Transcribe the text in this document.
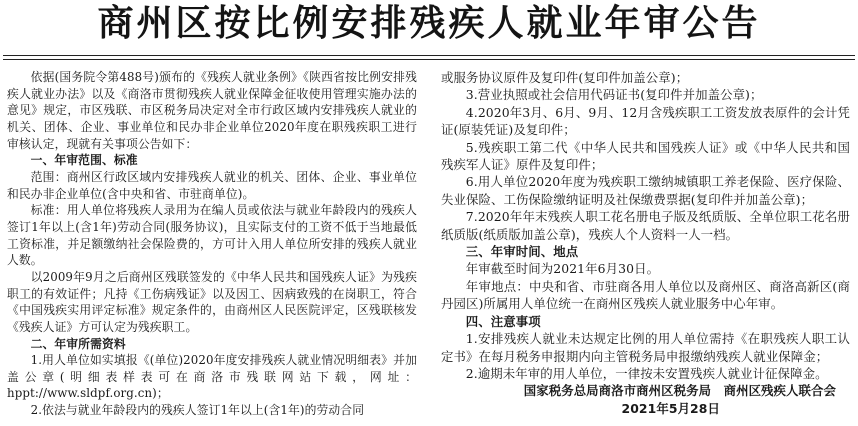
商州区按比例安排残疾人就业年审公告

依据(国务院令第488号)颁布的《残疾人就业条例》《陕西省按比例安排残疾人就业办法》以及《商洛市贯彻残疾人就业保障金征收使用管理实施办法的意见》规定，市区残联、市区税务局决定对全市行政区域内安排残疾人就业的机关、团体、企业、事业单位和民办非企业单位2020年度在职残疾职工进行审核认定，现就有关事项公告如下：

一、年审范围、标准

范围：商州区行政区域内安排残疾人就业的机关、团体、企业、事业单位和民办非企业单位(含中央和省、市驻商单位)。

标准：用人单位将残疾人录用为在编人员或依法与就业年龄段内的残疾人签订1年以上(含1年)劳动合同(服务协议)，且实际支付的工资不低于当地最低工资标准，并足额缴纳社会保险费的，方可计入用人单位所安排的残疾人就业人数。

以2009年9月之后商州区残联签发的《中华人民共和国残疾人证》为残疾职工的有效证件；凡持《工伤病残证》以及因工、因病致残的在岗职工，符合《中国残疾实用评定标准》规定条件的，由商州区人民医院评定，区残联核发《残疾人证》方可认定为残疾职工。

二、年审所需资料

1.用人单位如实填报《(单位)2020年度安排残疾人就业情况明细表》并加盖公章(明细表样表可在商洛市残联网站下载，网址：hppt://www.sldpf.org.cn)；

2.依法与就业年龄段内的残疾人签订1年以上(含1年)的劳动合同

或服务协议原件及复印件(复印件加盖公章)；

3.营业执照或社会信用代码证书(复印件并加盖公章)；

4.2020年3月、6月、9月、12月含残疾职工工资发放表原件的会计凭证(原装凭证)及复印件；

5.残疾职工第二代《中华人民共和国残疾人证》或《中华人民共和国残疾军人证》原件及复印件；

6.用人单位2020年度为残疾职工缴纳城镇职工养老保险、医疗保险、失业保险、工伤保险缴纳证明及社保缴费票据(复印件并加盖公章)；

7.2020年年末残疾人职工花名册电子版及纸质版、全单位职工花名册纸质版(纸质版加盖公章)，残疾人个人资料一人一档。

三、年审时间、地点

年审截至时间为2021年6月30日。

年审地点：中央和省、市驻商各用人单位以及商州区、商洛高新区(商丹园区)所属用人单位统一在商州区残疾人就业服务中心年审。

四、注意事项

1.安排残疾人就业未达规定比例的用人单位需持《在职残疾人职工认定书》在每月税务申报期内向主管税务局申报缴纳残疾人就业保障金；

2.逾期未年审的用人单位，一律按未安置残疾人就业计征保障金。

国家税务总局商洛市商州区税务局　商州区残疾人联合会

2021年5月28日
